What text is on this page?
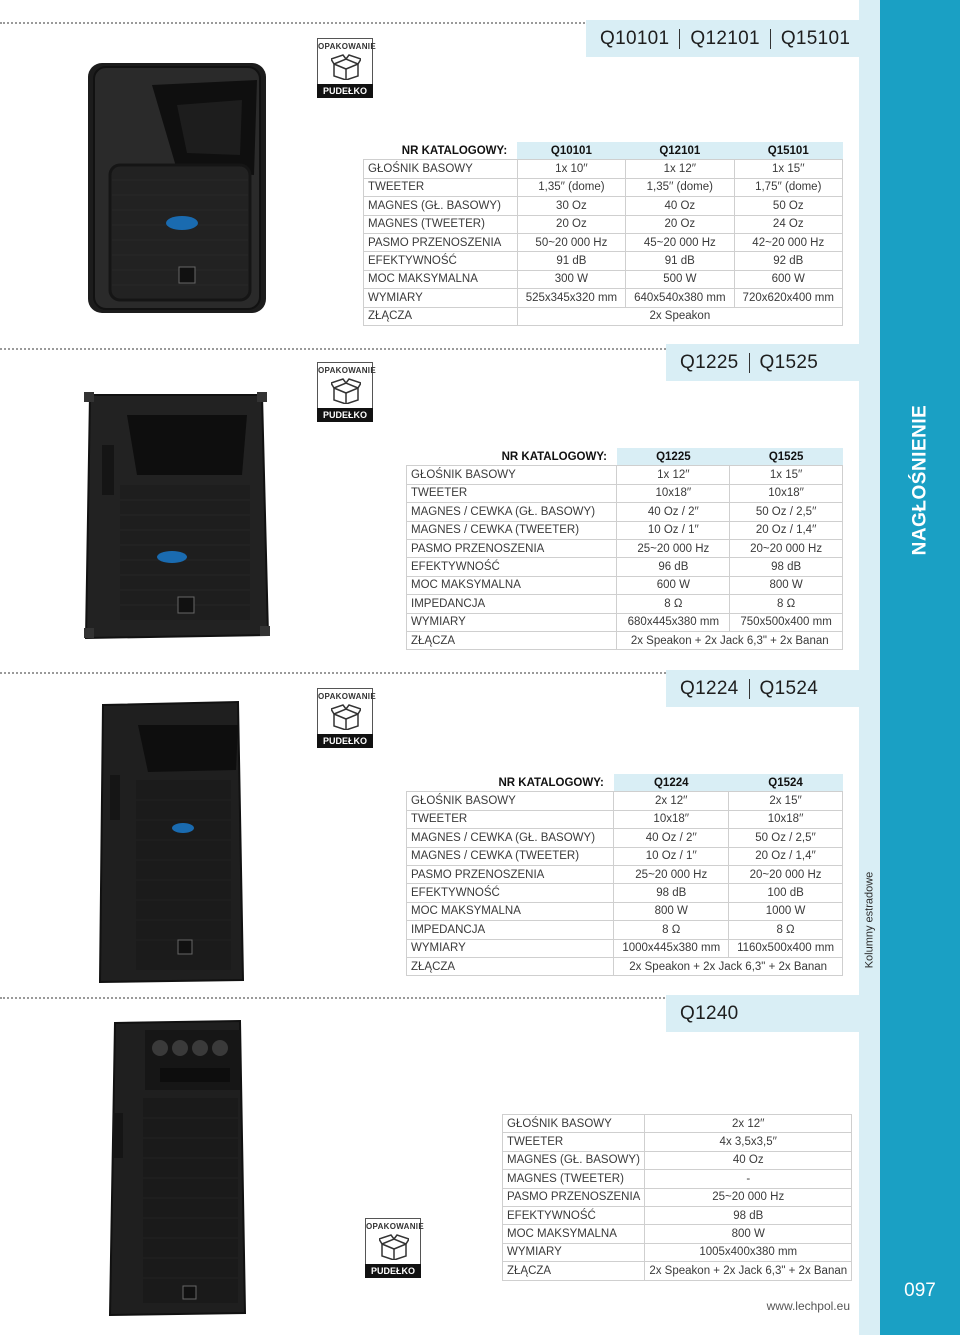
NAGŁOŚNIENIE
Kolumny estradowe
097
www.lechpol.eu
Q10101 Q12101 Q15101
OPAKOWANIE
PUDEŁKO
NR KATALOGOWY:	Q10101	Q12101	Q15101
GŁOŚNIK BASOWY	1x 10′′	1x 12′′	1x 15′′
TWEETER	1,35′′ (dome)	1,35′′ (dome)	1,75′′ (dome)
MAGNES (GŁ. BASOWY)	30 Oz	40 Oz	50 Oz
MAGNES (TWEETER)	20 Oz	20 Oz	24 Oz
PASMO PRZENOSZENIA	50~20 000 Hz	45~20 000 Hz	42~20 000 Hz
EFEKTYWNOŚĆ	91 dB	91 dB	92 dB
MOC MAKSYMALNA	300 W	500 W	600 W
WYMIARY	525x345x320 mm	640x540x380 mm	720x620x400 mm
ZŁĄCZA	2x Speakon		
Q1225 Q1525
OPAKOWANIE
PUDEŁKO
NR KATALOGOWY:	Q1225	Q1525
GŁOŚNIK BASOWY	1x 12′′	1x 15′′
TWEETER	10x18′′	10x18′′
MAGNES / CEWKA (GŁ. BASOWY)	40 Oz / 2′′	50 Oz / 2,5′′
MAGNES / CEWKA (TWEETER)	10 Oz / 1′′	20 Oz / 1,4′′
PASMO PRZENOSZENIA	25~20 000 Hz	20~20 000 Hz
EFEKTYWNOŚĆ	96 dB	98 dB
MOC MAKSYMALNA	600 W	800 W
IMPEDANCJA	8 Ω	8 Ω
WYMIARY	680x445x380 mm	750x500x400 mm
ZŁĄCZA	2x Speakon + 2x Jack 6,3" + 2x Banan	
Q1224 Q1524
OPAKOWANIE
PUDEŁKO
NR KATALOGOWY:	Q1224	Q1524
GŁOŚNIK BASOWY	2x 12′′	2x 15′′
TWEETER	10x18′′	10x18′′
MAGNES / CEWKA (GŁ. BASOWY)	40 Oz / 2′′	50 Oz / 2,5′′
MAGNES / CEWKA (TWEETER)	10 Oz / 1′′	20 Oz / 1,4′′
PASMO PRZENOSZENIA	25~20 000 Hz	20~20 000 Hz
EFEKTYWNOŚĆ	98 dB	100 dB
MOC MAKSYMALNA	800 W	1000 W
IMPEDANCJA	8 Ω	8 Ω
WYMIARY	1000x445x380 mm	1160x500x400 mm
ZŁĄCZA	2x Speakon + 2x Jack 6,3" + 2x Banan	
Q1240
OPAKOWANIE
PUDEŁKO
GŁOŚNIK BASOWY	2x 12′′
TWEETER	4x 3,5x3,5′′
MAGNES (GŁ. BASOWY)	40 Oz
MAGNES (TWEETER)	-
PASMO PRZENOSZENIA	25~20 000 Hz
EFEKTYWNOŚĆ	98 dB
MOC MAKSYMALNA	800 W
WYMIARY	1005x400x380 mm
ZŁĄCZA	2x Speakon + 2x Jack 6,3" + 2x Banan
